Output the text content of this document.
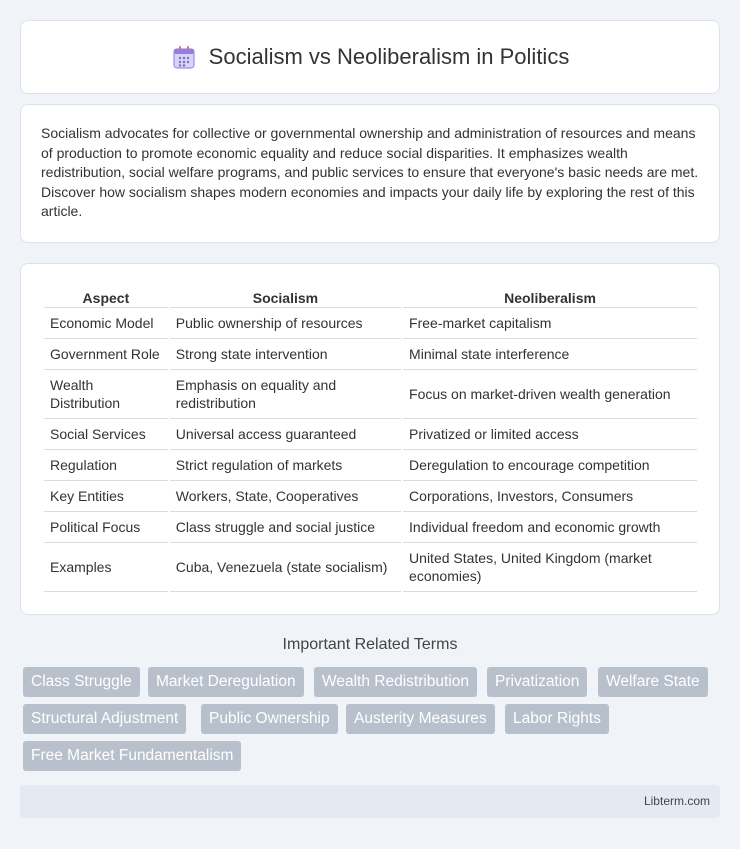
Socialism vs Neoliberalism in Politics

Socialism advocates for collective or governmental ownership and administration of resources and means of production to promote economic equality and reduce social disparities. It emphasizes wealth redistribution, social welfare programs, and public services to ensure that everyone's basic needs are met. Discover how socialism shapes modern economies and impacts your daily life by exploring the rest of this article.

Aspect	Socialism	Neoliberalism
Economic Model	Public ownership of resources	Free-market capitalism
Government Role	Strong state intervention	Minimal state interference
Wealth Distribution	Emphasis on equality and redistribution	Focus on market-driven wealth generation
Social Services	Universal access guaranteed	Privatized or limited access
Regulation	Strict regulation of markets	Deregulation to encourage competition
Key Entities	Workers, State, Cooperatives	Corporations, Investors, Consumers
Political Focus	Class struggle and social justice	Individual freedom and economic growth
Examples	Cuba, Venezuela (state socialism)	United States, United Kingdom (market economies)
Important Related Terms
Class Struggle	Market Deregulation	Wealth Redistribution	Privatization	Welfare State
Structural Adjustment	Public Ownership	Austerity Measures	Labor Rights
Free Market Fundamentalism
Libterm.com
